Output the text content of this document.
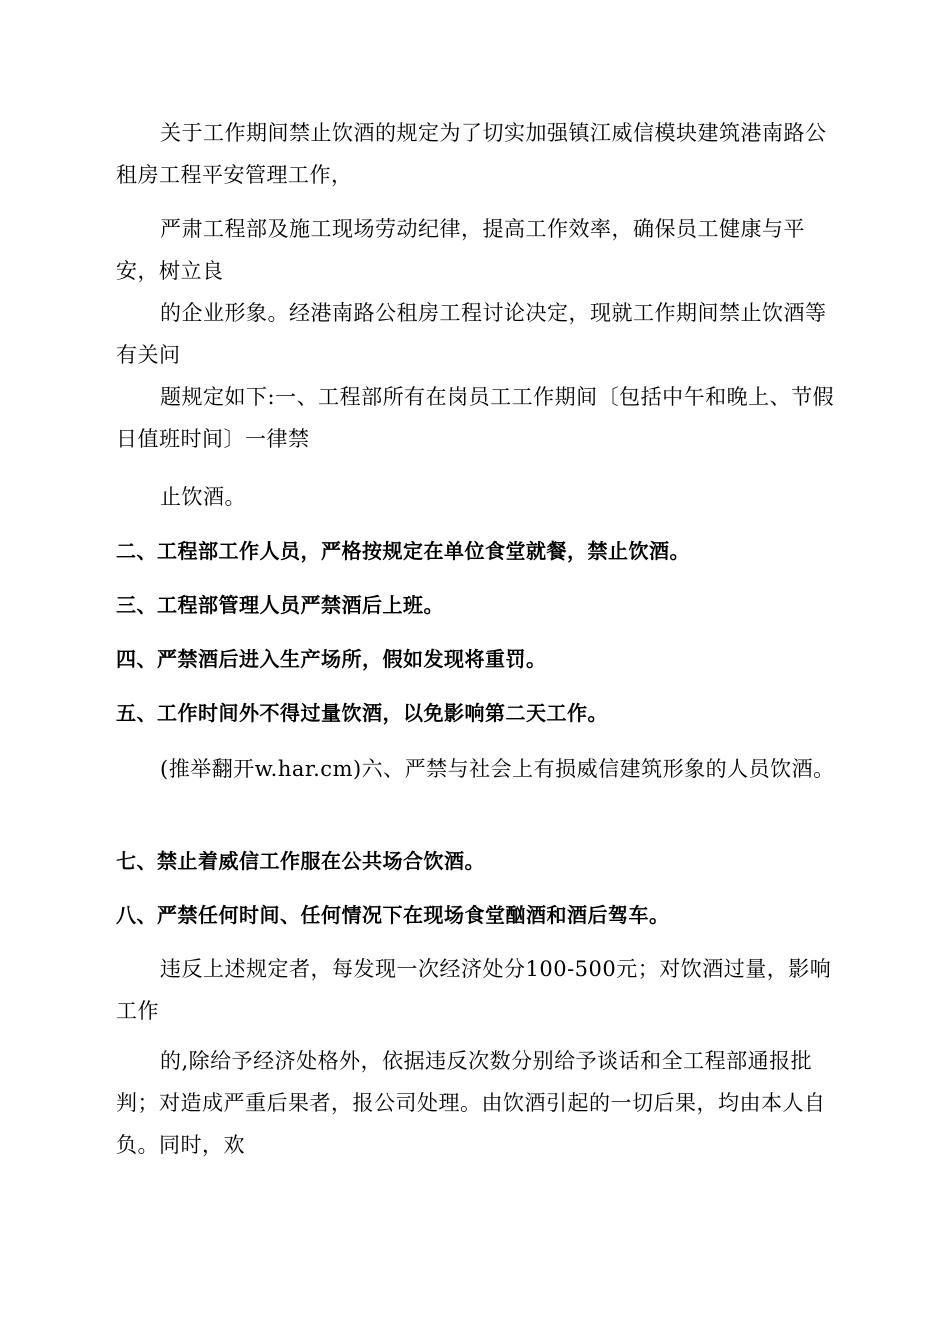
关于工作期间禁止饮酒的规定为了切实加强镇江威信模块建筑港南路公租房工程平安管理工作，

严肃工程部及施工现场劳动纪律，提高工作效率，确保员工健康与平安，树立良

的企业形象。经港南路公租房工程讨论决定，现就工作期间禁止饮酒等有关问

题规定如下:一、工程部所有在岗员工工作期间〔包括中午和晚上、节假日值班时间〕一律禁

止饮酒。

二、工程部工作人员，严格按规定在单位食堂就餐，禁止饮酒。

三、工程部管理人员严禁酒后上班。

四、严禁酒后进入生产场所，假如发现将重罚。

五、工作时间外不得过量饮酒，以免影响第二天工作。

(推举翻开w.har.cm)六、严禁与社会上有损威信建筑形象的人员饮酒。

七、禁止着威信工作服在公共场合饮酒。

八、严禁任何时间、任何情况下在现场食堂酗酒和酒后驾车。

违反上述规定者，每发现一次经济处分100-500元；对饮酒过量，影响工作

的,除给予经济处格外，依据违反次数分别给予谈话和全工程部通报批判；对造成严重后果者，报公司处理。由饮酒引起的一切后果，均由本人自负。同时，欢
